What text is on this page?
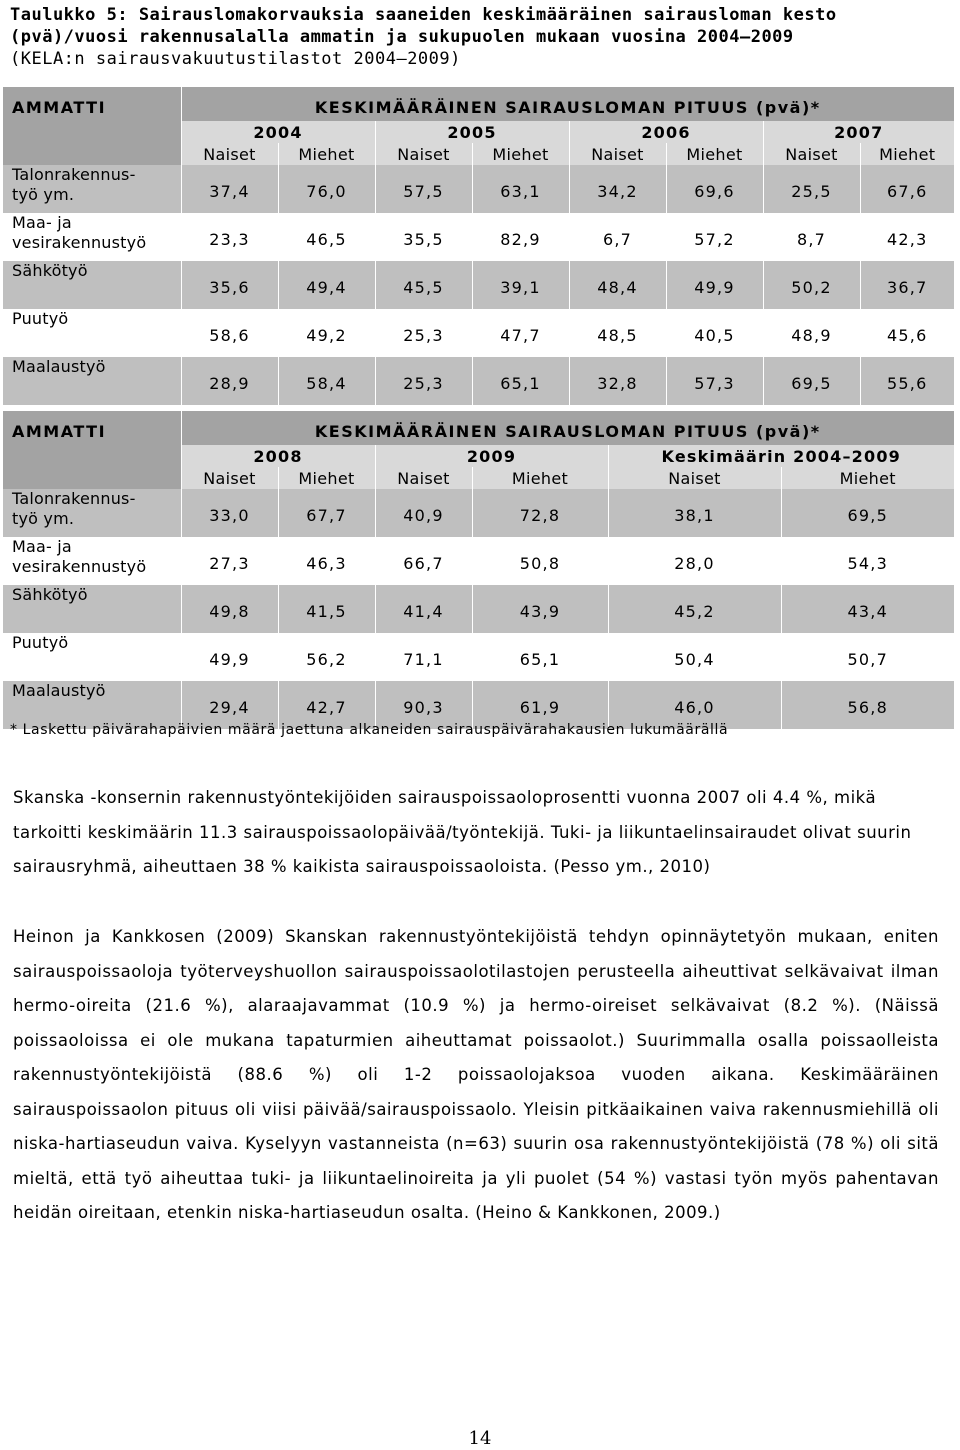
Taulukko 5: Sairauslomakorvauksia saaneiden keskimääräinen sairausloman kesto
(pvä)/vuosi rakennusalalla ammatin ja sukupuolen mukaan vuosina 2004–2009
(KELA:n sairausvakuutustilastot 2004–2009)
AMMATTI	KESKIMÄÄRÄINEN SAIRAUSLOMAN PITUUS (pvä)*							

	2004		2005		2006		2007	
	Naiset	Miehet	Naiset	Miehet	Naiset	Miehet	Naiset	Miehet
Talonrakennus-
työ ym.	37,4	76,0	57,5	63,1	34,2	69,6	25,5	67,6
Maa- ja
vesirakennustyö	23,3	46,5	35,5	82,9	6,7	57,2	8,7	42,3
Sähkötyö	35,6	49,4	45,5	39,1	48,4	49,9	50,2	36,7
Puutyö	58,6	49,2	25,3	47,7	48,5	40,5	48,9	45,6
Maalaustyö	28,9	58,4	25,3	65,1	32,8	57,3	69,5	55,6
AMMATTI	KESKIMÄÄRÄINEN SAIRAUSLOMAN PITUUS (pvä)*					

	2008		2009		Keskimäärin 2004–2009	
	Naiset	Miehet	Naiset	Miehet	Naiset	Miehet
Talonrakennus-
työ ym.	33,0	67,7	40,9	72,8	38,1	69,5
Maa- ja
vesirakennustyö	27,3	46,3	66,7	50,8	28,0	54,3
Sähkötyö	49,8	41,5	41,4	43,9	45,2	43,4
Puutyö	49,9	56,2	71,1	65,1	50,4	50,7
Maalaustyö	29,4	42,7	90,3	61,9	46,0	56,8
* Laskettu päivärahapäivien määrä jaettuna alkaneiden sairauspäivärahakausien lukumäärällä

Skanska -konsernin rakennustyöntekijöiden sairauspoissaoloprosentti vuonna 2007 oli 4.4 %, mikä tarkoitti keskimäärin 11.3 sairauspoissaolopäivää/työntekijä. Tuki- ja liikuntaelinsairaudet olivat suurin sairausryhmä, aiheuttaen 38 % kaikista sairauspoissaoloista. (Pesso ym., 2010)

Heinon ja Kankkosen (2009) Skanskan rakennustyöntekijöistä tehdyn opinnäytetyön mukaan, eniten sairauspoissaoloja työterveyshuollon sairauspoissaolotilastojen perusteella aiheuttivat selkävaivat ilman hermo-oireita (21.6 %), alaraajavammat (10.9 %) ja hermo-oireiset selkävaivat (8.2 %). (Näissä poissaoloissa ei ole mukana tapaturmien aiheuttamat poissaolot.) Suurimmalla osalla poissaolleista rakennustyöntekijöistä (88.6 %) oli 1-2 poissaolojaksoa vuoden aikana. Keskimääräinen sairauspoissaolon pituus oli viisi päivää/sairauspoissaolo. Yleisin pitkäaikainen vaiva rakennusmiehillä oli niska-hartiaseudun vaiva. Kyselyyn vastanneista (n=63) suurin osa rakennustyöntekijöistä (78 %) oli sitä mieltä, että työ aiheuttaa tuki- ja liikuntaelinoireita ja yli puolet (54 %) vastasi työn myös pahentavan heidän oireitaan, etenkin niska-hartiaseudun osalta. (Heino & Kankkonen, 2009.)

14
